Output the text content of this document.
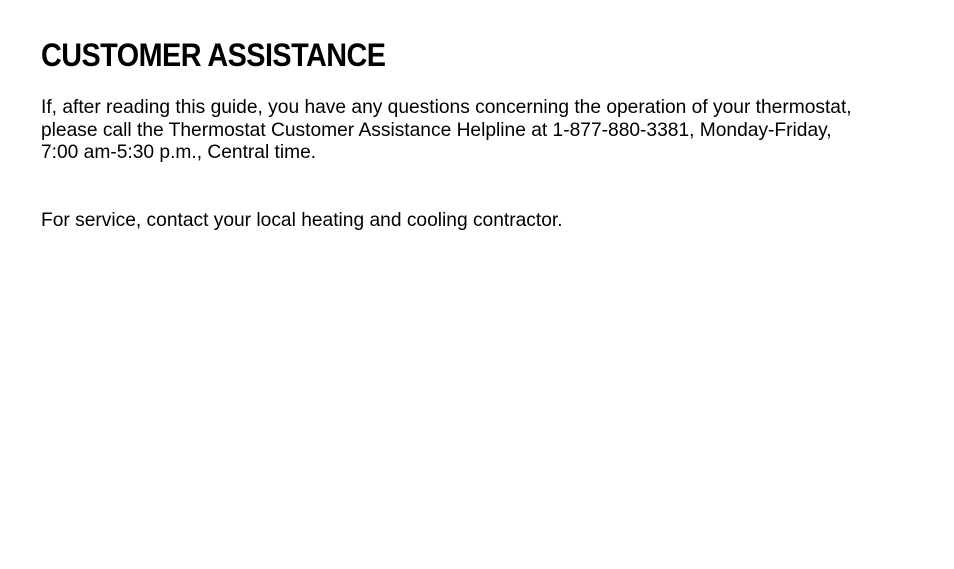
CUSTOMER ASSISTANCE

If, after reading this guide, you have any questions concerning the operation of your thermostat,
please call the Thermostat Customer Assistance Helpline at 1-877-880-3381, Monday-Friday,
7:00 am-5:30 p.m., Central time.

For service, contact your local heating and cooling contractor.
